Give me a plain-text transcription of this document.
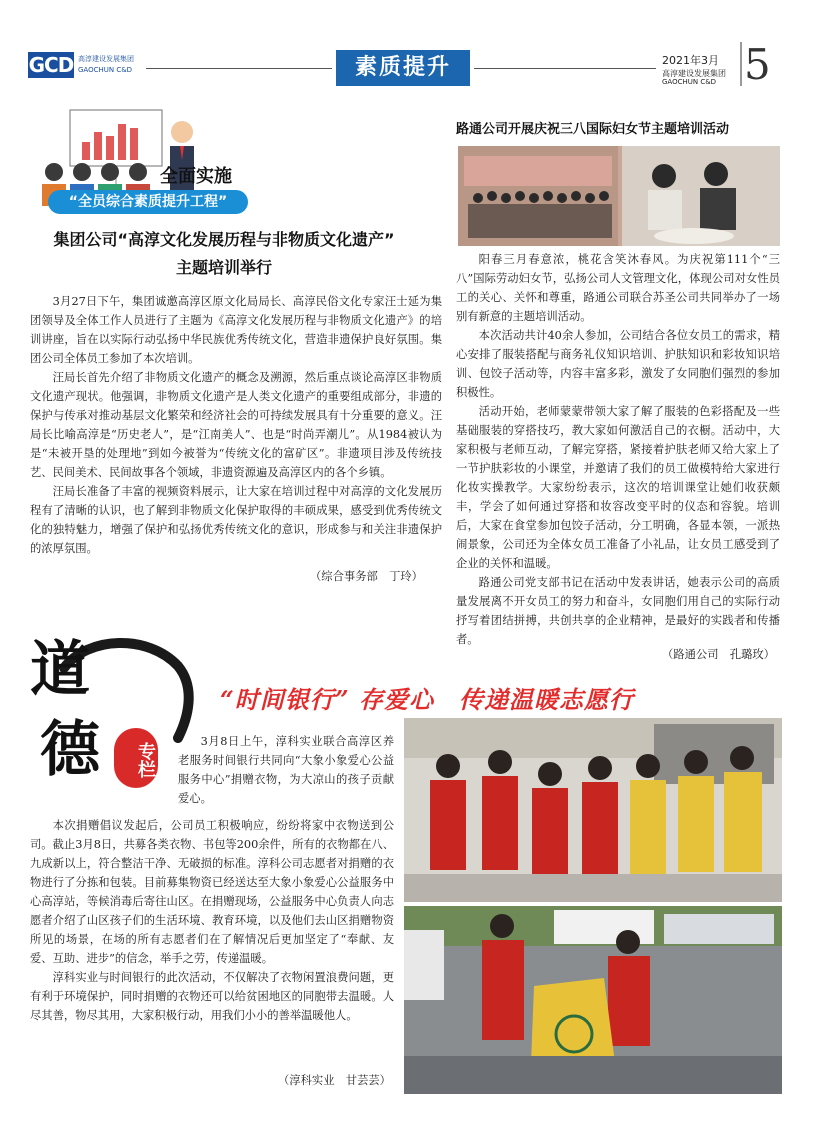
GCD 高淳建设发展集团
GAOCHUN C&D	素质提升	2021年3月
高淳建设发展集团
GAOCHUN C&D 5
全面实施
“全员综合素质提升工程”
集团公司“高淳文化发展历程与非物质文化遗产”
主题培训举行

3月27日下午，集团诚邀高淳区原文化局局长、高淳民俗文化专家汪士延为集团领导及全体工作人员进行了主题为《高淳文化发展历程与非物质文化遗产》的培训讲座，旨在以实际行动弘扬中华民族优秀传统文化，营造非遗保护良好氛围。集团公司全体员工参加了本次培训。

汪局长首先介绍了非物质文化遗产的概念及溯源，然后重点谈论高淳区非物质文化遗产现状。他强调，非物质文化遗产是人类文化遗产的重要组成部分，非遗的保护与传承对推动基层文化繁荣和经济社会的可持续发展具有十分重要的意义。汪局长比喻高淳是“历史老人”，是“江南美人”、也是“时尚弄潮儿”。从1984被认为是“未被开垦的处理地”到如今被誉为“传统文化的富矿区”。非遗项目涉及传统技艺、民间美术、民间故事各个领域，非遗资源遍及高淳区内的各个乡镇。

汪局长准备了丰富的视频资料展示，让大家在培训过程中对高淳的文化发展历程有了清晰的认识，也了解到非物质文化保护取得的丰硕成果，感受到优秀传统文化的独特魅力，增强了保护和弘扬优秀传统文化的意识，形成参与和关注非遗保护的浓厚氛围。

（综合事务部　丁玲）
路通公司开展庆祝三八国际妇女节主题培训活动

阳春三月春意浓，桃花含笑沐春风。为庆祝第111个“三八”国际劳动妇女节，弘扬公司人文管理文化，体现公司对女性员工的关心、关怀和尊重，路通公司联合苏圣公司共同举办了一场别有新意的主题培训活动。

本次活动共计40余人参加，公司结合各位女员工的需求，精心安排了服装搭配与商务礼仪知识培训、护肤知识和彩妆知识培训、包饺子活动等，内容丰富多彩，激发了女同胞们强烈的参加积极性。

活动开始，老师蒙蒙带领大家了解了服装的色彩搭配及一些基础服装的穿搭技巧，教大家如何激活自己的衣橱。活动中，大家积极与老师互动，了解完穿搭，紧接着护肤老师又给大家上了一节护肤彩妆的小课堂，并邀请了我们的员工做模特给大家进行化妆实操教学。大家纷纷表示，这次的培训课堂让她们收获颇丰，学会了如何通过穿搭和妆容改变平时的仪态和容貌。培训后，大家在食堂参加包饺子活动，分工明确，各显本领，一派热闹景象，公司还为全体女员工准备了小礼品，让女员工感受到了企业的关怀和温暖。

路通公司党支部书记在活动中发表讲话，她表示公司的高质量发展离不开女员工的努力和奋斗，女同胞们用自己的实际行动抒写着团结拼搏，共创共享的企业精神，是最好的实践者和传播者。

（路通公司　孔璐玫）
道
德	专栏
“时间银行” 存爱心　传递温暖志愿行

3月8日上午，淳科实业联合高淳区养老服务时间银行共同向“大象小象爱心公益服务中心”捐赠衣物，为大凉山的孩子贡献爱心。

本次捐赠倡议发起后，公司员工积极响应，纷纷将家中衣物送到公司。截止3月8日，共募各类衣物、书包等200余件，所有的衣物都在八、九成新以上，符合整洁干净、无破损的标准。淳科公司志愿者对捐赠的衣物进行了分拣和包装。目前募集物资已经送达至大象小象爱心公益服务中心高淳站，等候消毒后寄往山区。在捐赠现场，公益服务中心负责人向志愿者介绍了山区孩子们的生活环境、教育环境，以及他们去山区捐赠物资所见的场景，在场的所有志愿者们在了解情况后更加坚定了“奉献、友爱、互助、进步”的信念，举手之劳，传递温暖。

淳科实业与时间银行的此次活动，不仅解决了衣物闲置浪费问题，更有利于环境保护，同时捐赠的衣物还可以给贫困地区的同胞带去温暖。人尽其善，物尽其用，大家积极行动，用我们小小的善举温暖他人。

（淳科实业　甘芸芸）
